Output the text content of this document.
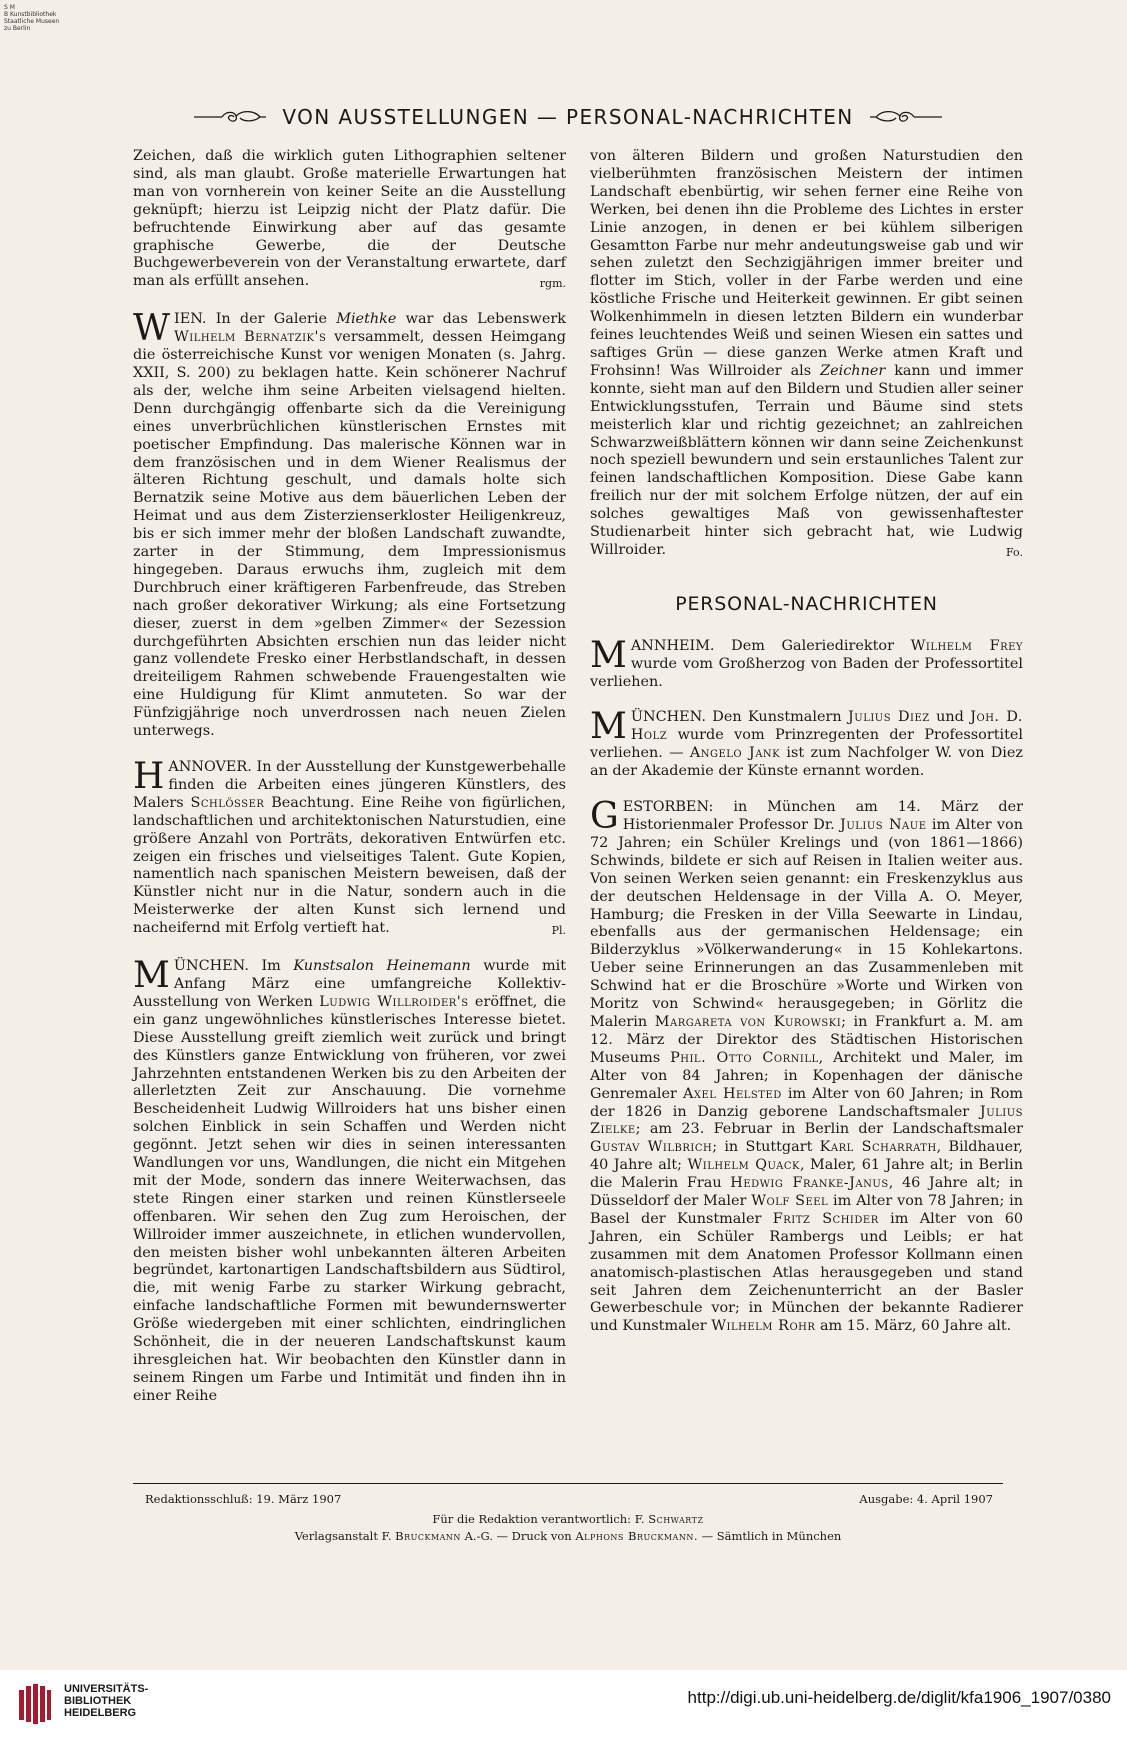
S M
B Kunstbibliothek
Staatliche Museen
zu Berlin
VON AUSSTELLUNGEN — PERSONAL-NACHRICHTEN

Zeichen, daß die wirklich guten Lithographien seltener sind, als man glaubt. Große materielle Erwartungen hat man von vornherein von keiner Seite an die Ausstellung geknüpft; hierzu ist Leipzig nicht der Platz dafür. Die befruchtende Einwirkung aber auf das gesamte graphische Gewerbe, die der Deutsche Buchgewerbeverein von der Veranstaltung erwartete, darf man als erfüllt ansehen.	rgm.

WIEN. In der Galerie Miethke war das Lebenswerk Wilhelm Bernatzik's versammelt, dessen Heimgang die österreichische Kunst vor wenigen Monaten (s. Jahrg. XXII, S. 200) zu beklagen hatte. Kein schönerer Nachruf als der, welche ihm seine Arbeiten vielsagend hielten. Denn durchgängig offenbarte sich da die Vereinigung eines unverbrüchlichen künstlerischen Ernstes mit poetischer Empfindung. Das malerische Können war in dem französischen und in dem Wiener Realismus der älteren Richtung geschult, und damals holte sich Bernatzik seine Motive aus dem bäuerlichen Leben der Heimat und aus dem Zisterzienserkloster Heiligenkreuz, bis er sich immer mehr der bloßen Landschaft zuwandte, zarter in der Stimmung, dem Impressionismus hingegeben. Daraus erwuchs ihm, zugleich mit dem Durchbruch einer kräftigeren Farbenfreude, das Streben nach großer dekorativer Wirkung; als eine Fortsetzung dieser, zuerst in dem »gelben Zimmer« der Sezession durchgeführten Absichten erschien nun das leider nicht ganz vollendete Fresko einer Herbstlandschaft, in dessen dreiteiligem Rahmen schwebende Frauengestalten wie eine Huldigung für Klimt anmuteten. So war der Fünfzigjährige noch unverdrossen nach neuen Zielen unterwegs.

HANNOVER. In der Ausstellung der Kunstgewerbehalle finden die Arbeiten eines jüngeren Künstlers, des Malers Schlösser Beachtung. Eine Reihe von figürlichen, landschaftlichen und architektonischen Naturstudien, eine größere Anzahl von Porträts, dekorativen Entwürfen etc. zeigen ein frisches und vielseitiges Talent. Gute Kopien, namentlich nach spanischen Meistern beweisen, daß der Künstler nicht nur in die Natur, sondern auch in die Meisterwerke der alten Kunst sich lernend und nacheifernd mit Erfolg vertieft hat.	Pl.

MÜNCHEN. Im Kunstsalon Heinemann wurde mit Anfang März eine umfangreiche Kollektiv-Ausstellung von Werken Ludwig Willroider's eröffnet, die ein ganz ungewöhnliches künstlerisches Interesse bietet. Diese Ausstellung greift ziemlich weit zurück und bringt des Künstlers ganze Entwicklung von früheren, vor zwei Jahrzehnten entstandenen Werken bis zu den Arbeiten der allerletzten Zeit zur Anschauung. Die vornehme Bescheidenheit Ludwig Willroiders hat uns bisher einen solchen Einblick in sein Schaffen und Werden nicht gegönnt. Jetzt sehen wir dies in seinen interessanten Wandlungen vor uns, Wandlungen, die nicht ein Mitgehen mit der Mode, sondern das innere Weiterwachsen, das stete Ringen einer starken und reinen Künstlerseele offenbaren. Wir sehen den Zug zum Heroischen, der Willroider immer auszeichnete, in etlichen wundervollen, den meisten bisher wohl unbekannten älteren Arbeiten begründet, kartonartigen Landschaftsbildern aus Südtirol, die, mit wenig Farbe zu starker Wirkung gebracht, einfache landschaftliche Formen mit bewundernswerter Größe wiedergeben mit einer schlichten, eindringlichen Schönheit, die in der neueren Landschaftskunst kaum ihresgleichen hat. Wir beobachten den Künstler dann in seinem Ringen um Farbe und Intimität und finden ihn in einer Reihe

von älteren Bildern und großen Naturstudien den vielberühmten französischen Meistern der intimen Landschaft ebenbürtig, wir sehen ferner eine Reihe von Werken, bei denen ihn die Probleme des Lichtes in erster Linie anzogen, in denen er bei kühlem silberigen Gesamtton Farbe nur mehr andeutungsweise gab und wir sehen zuletzt den Sechzigjährigen immer breiter und flotter im Stich, voller in der Farbe werden und eine köstliche Frische und Heiterkeit gewinnen. Er gibt seinen Wolkenhimmeln in diesen letzten Bildern ein wunderbar feines leuchtendes Weiß und seinen Wiesen ein sattes und saftiges Grün — diese ganzen Werke atmen Kraft und Frohsinn! Was Willroider als Zeichner kann und immer konnte, sieht man auf den Bildern und Studien aller seiner Entwicklungsstufen, Terrain und Bäume sind stets meisterlich klar und richtig gezeichnet; an zahlreichen Schwarzweißblättern können wir dann seine Zeichenkunst noch speziell bewundern und sein erstaunliches Talent zur feinen landschaftlichen Komposition. Diese Gabe kann freilich nur der mit solchem Erfolge nützen, der auf ein solches gewaltiges Maß von gewissenhaftester Studienarbeit hinter sich gebracht hat, wie Ludwig Willroider.	Fo.

PERSONAL-NACHRICHTEN

MANNHEIM. Dem Galeriedirektor Wilhelm Frey wurde vom Großherzog von Baden der Professortitel verliehen.

MÜNCHEN. Den Kunstmalern Julius Diez und Joh. D. Holz wurde vom Prinzregenten der Professortitel verliehen. — Angelo Jank ist zum Nachfolger W. von Diez an der Akademie der Künste ernannt worden.

GESTORBEN: in München am 14. März der Historienmaler Professor Dr. Julius Naue im Alter von 72 Jahren; ein Schüler Krelings und (von 1861—1866) Schwinds, bildete er sich auf Reisen in Italien weiter aus. Von seinen Werken seien genannt: ein Freskenzyklus aus der deutschen Heldensage in der Villa A. O. Meyer, Hamburg; die Fresken in der Villa Seewarte in Lindau, ebenfalls aus der germanischen Heldensage; ein Bilderzyklus »Völkerwanderung« in 15 Kohlekartons. Ueber seine Erinnerungen an das Zusammenleben mit Schwind hat er die Broschüre »Worte und Wirken von Moritz von Schwind« herausgegeben; in Görlitz die Malerin Margareta von Kurowski; in Frankfurt a. M. am 12. März der Direktor des Städtischen Historischen Museums Phil. Otto Cornill, Architekt und Maler, im Alter von 84 Jahren; in Kopenhagen der dänische Genremaler Axel Helsted im Alter von 60 Jahren; in Rom der 1826 in Danzig geborene Landschaftsmaler Julius Zielke; am 23. Februar in Berlin der Landschaftsmaler Gustav Wilbrich; in Stuttgart Karl Scharrath, Bildhauer, 40 Jahre alt; Wilhelm Quack, Maler, 61 Jahre alt; in Berlin die Malerin Frau Hedwig Franke-Janus, 46 Jahre alt; in Düsseldorf der Maler Wolf Seel im Alter von 78 Jahren; in Basel der Kunstmaler Fritz Schider im Alter von 60 Jahren, ein Schüler Rambergs und Leibls; er hat zusammen mit dem Anatomen Professor Kollmann einen anatomisch-plastischen Atlas herausgegeben und stand seit Jahren dem Zeichenunterricht an der Basler Gewerbeschule vor; in München der bekannte Radierer und Kunstmaler Wilhelm Rohr am 15. März, 60 Jahre alt.

Redaktionsschluß: 19. März 1907	Ausgabe: 4. April 1907
Für die Redaktion verantwortlich: F. Schwartz
Verlagsanstalt F. Bruckmann A.-G. — Druck von Alphons Bruckmann. — Sämtlich in München
UNIVERSITÄTS-
BIBLIOTHEK
HEIDELBERG
http://digi.ub.uni-heidelberg.de/diglit/kfa1906_1907/0380
